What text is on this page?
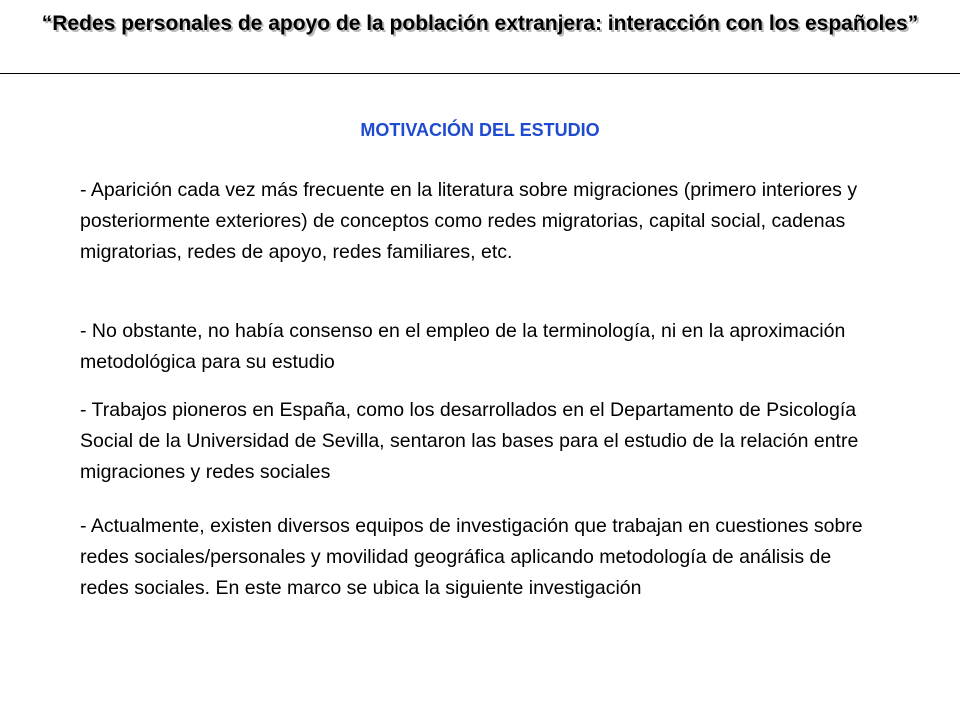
“Redes personales de apoyo de la población extranjera: interacción con los españoles”
MOTIVACIÓN DEL ESTUDIO

- Aparición cada vez más frecuente en la literatura sobre migraciones (primero interiores y posteriormente exteriores) de conceptos como redes migratorias, capital social, cadenas migratorias, redes de apoyo, redes familiares, etc.

- No obstante, no había consenso en el empleo de la terminología, ni en la aproximación metodológica para su estudio

- Trabajos pioneros en España, como los desarrollados en el Departamento de Psicología Social de la Universidad de Sevilla, sentaron las bases para el estudio de la relación entre migraciones y redes sociales

- Actualmente, existen diversos equipos de investigación que trabajan en cuestiones sobre redes sociales/personales y movilidad geográfica aplicando metodología de análisis de redes sociales. En este marco se ubica la siguiente investigación
